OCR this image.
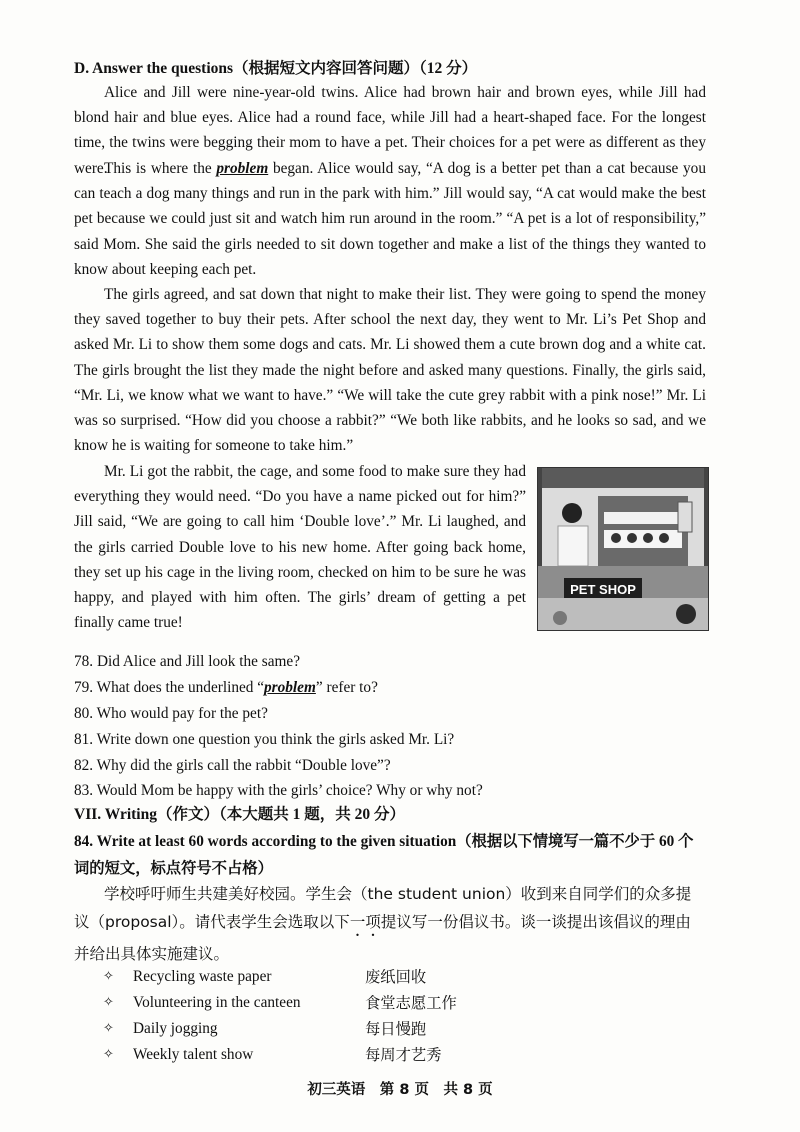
D. Answer the questions（根据短文内容回答问题）（12 分）
Alice and Jill were nine-year-old twins. Alice had brown hair and brown eyes, while Jill had blond hair and blue eyes. Alice had a round face, while Jill had a heart-shaped face. For the longest time, the twins were begging their mom to have a pet. Their choices for a pet were as different as they were.
This is where the problem began. Alice would say, “A dog is a better pet than a cat because you can teach a dog many things and run in the park with him.” Jill would say, “A cat would make the best pet because we could just sit and watch him run around in the room.” “A pet is a lot of responsibility,” said Mom. She said the girls needed to sit down together and make a list of the things they wanted to know about keeping each pet.
The girls agreed, and sat down that night to make their list. They were going to spend the money they saved together to buy their pets. After school the next day, they went to Mr. Li’s Pet Shop and asked Mr. Li to show them some dogs and cats. Mr. Li showed them a cute brown dog and a white cat. The girls brought the list they made the night before and asked many questions. Finally, the girls said, “Mr. Li, we know what we want to have.” “We will take the cute grey rabbit with a pink nose!” Mr. Li was so surprised. “How did you choose a rabbit?” “We both like rabbits, and he looks so sad, and we know he is waiting for someone to take him.”
Mr. Li got the rabbit, the cage, and some food to make sure they had everything they would need. “Do you have a name picked out for him?” Jill said, “We are going to call him ‘Double love’.” Mr. Li laughed, and the girls carried Double love to his new home. After going back home, they set up his cage in the living room, checked on him to be sure he was happy, and played with him often. The girls’ dream of getting a pet finally came true!
PET SHOP
78. Did Alice and Jill look the same?
79. What does the underlined “problem” refer to?
80. Who would pay for the pet?
81. Write down one question you think the girls asked Mr. Li?
82. Why did the girls call the rabbit “Double love”?
83. Would Mom be happy with the girls’ choice? Why or why not?
VII. Writing（作文）（本大题共 1 题，共 20 分）
84. Write at least 60 words according to the given situation（根据以下情境写一篇不少于 60 个词的短文，标点符号不占格）
学校呼吁师生共建美好校园。学生会（the student union）收到来自同学们的众多提议（proposal）。请代表学生会选取以下一项提议写一份倡议书。谈一谈提出该倡议的理由并给出具体实施建议。
✧	Recycling waste paper	废纸回收
✧	Volunteering in the canteen	食堂志愿工作
✧	Daily jogging	每日慢跑
✧	Weekly talent show	每周才艺秀
初三英语　第 8 页　共 8 页
